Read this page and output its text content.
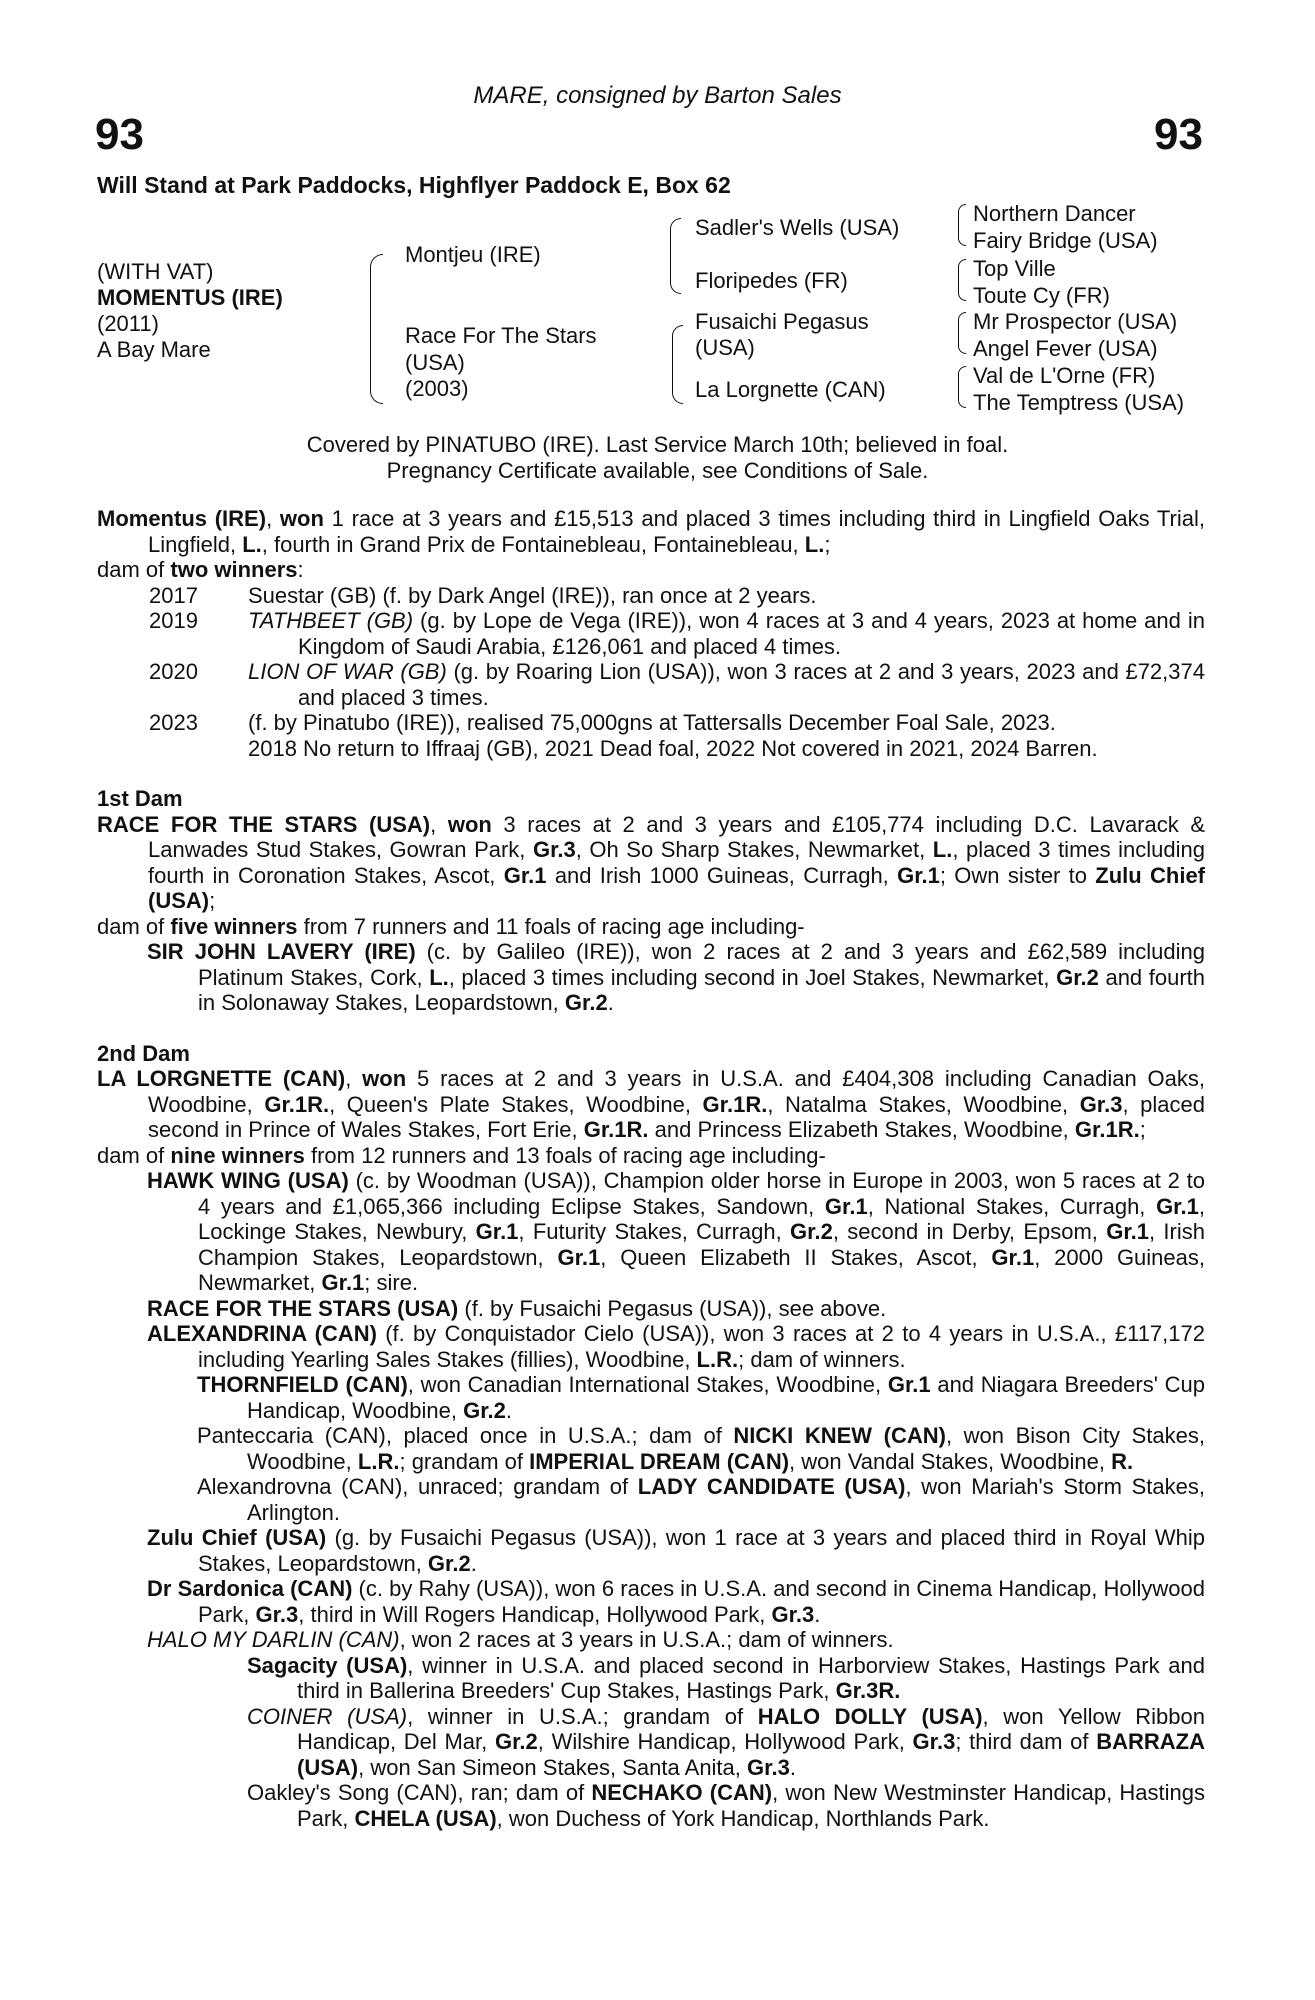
93	93
MARE, consigned by Barton Sales
Will Stand at Park Paddocks, Highflyer Paddock E, Box 62
(WITH VAT)
MOMENTUS (IRE)
(2011)
A Bay Mare
Montjeu (IRE)
Race For The Stars
(USA)
(2003)
Sadler's Wells (USA)
Floripedes (FR)
Fusaichi Pegasus
(USA)
La Lorgnette (CAN)
Northern Dancer
Fairy Bridge (USA)
Top Ville
Toute Cy (FR)
Mr Prospector (USA)
Angel Fever (USA)
Val de L'Orne (FR)
The Temptress (USA)
Covered by PINATUBO (IRE). Last Service March 10th; believed in foal.
Pregnancy Certificate available, see Conditions of Sale.

Momentus (IRE), won 1 race at 3 years and £15,513 and placed 3 times including third in Lingfield Oaks Trial, Lingfield, L., fourth in Grand Prix de Fontainebleau, Fontainebleau, L.;

dam of two winners:

2017	Suestar (GB) (f. by Dark Angel (IRE)), ran once at 2 years.
2019	TATHBEET (GB) (g. by Lope de Vega (IRE)), won 4 races at 3 and 4 years, 2023 at home and in Kingdom of Saudi Arabia, £126,061 and placed 4 times.
2020	LION OF WAR (GB) (g. by Roaring Lion (USA)), won 3 races at 2 and 3 years, 2023 and £72,374 and placed 3 times.
2023	(f. by Pinatubo (IRE)), realised 75,000gns at Tattersalls December Foal Sale, 2023.
2018 No return to Iffraaj (GB), 2021 Dead foal, 2022 Not covered in 2021, 2024 Barren.

1st Dam

RACE FOR THE STARS (USA), won 3 races at 2 and 3 years and £105,774 including D.C. Lavarack & Lanwades Stud Stakes, Gowran Park, Gr.3, Oh So Sharp Stakes, Newmarket, L., placed 3 times including fourth in Coronation Stakes, Ascot, Gr.1 and Irish 1000 Guineas, Curragh, Gr.1; Own sister to Zulu Chief (USA);

dam of five winners from 7 runners and 11 foals of racing age including-

SIR JOHN LAVERY (IRE) (c. by Galileo (IRE)), won 2 races at 2 and 3 years and £62,589 including Platinum Stakes, Cork, L., placed 3 times including second in Joel Stakes, Newmarket, Gr.2 and fourth in Solonaway Stakes, Leopardstown, Gr.2.

2nd Dam

LA LORGNETTE (CAN), won 5 races at 2 and 3 years in U.S.A. and £404,308 including Canadian Oaks, Woodbine, Gr.1R., Queen's Plate Stakes, Woodbine, Gr.1R., Natalma Stakes, Woodbine, Gr.3, placed second in Prince of Wales Stakes, Fort Erie, Gr.1R. and Princess Elizabeth Stakes, Woodbine, Gr.1R.;

dam of nine winners from 12 runners and 13 foals of racing age including-

HAWK WING (USA) (c. by Woodman (USA)), Champion older horse in Europe in 2003, won 5 races at 2 to 4 years and £1,065,366 including Eclipse Stakes, Sandown, Gr.1, National Stakes, Curragh, Gr.1, Lockinge Stakes, Newbury, Gr.1, Futurity Stakes, Curragh, Gr.2, second in Derby, Epsom, Gr.1, Irish Champion Stakes, Leopardstown, Gr.1, Queen Elizabeth II Stakes, Ascot, Gr.1, 2000 Guineas, Newmarket, Gr.1; sire.

RACE FOR THE STARS (USA) (f. by Fusaichi Pegasus (USA)), see above.

ALEXANDRINA (CAN) (f. by Conquistador Cielo (USA)), won 3 races at 2 to 4 years in U.S.A., £117,172 including Yearling Sales Stakes (fillies), Woodbine, L.R.; dam of winners.

THORNFIELD (CAN), won Canadian International Stakes, Woodbine, Gr.1 and Niagara Breeders' Cup Handicap, Woodbine, Gr.2.

Panteccaria (CAN), placed once in U.S.A.; dam of NICKI KNEW (CAN), won Bison City Stakes, Woodbine, L.R.; grandam of IMPERIAL DREAM (CAN), won Vandal Stakes, Woodbine, R.

Alexandrovna (CAN), unraced; grandam of LADY CANDIDATE (USA), won Mariah's Storm Stakes, Arlington.

Zulu Chief (USA) (g. by Fusaichi Pegasus (USA)), won 1 race at 3 years and placed third in Royal Whip Stakes, Leopardstown, Gr.2.

Dr Sardonica (CAN) (c. by Rahy (USA)), won 6 races in U.S.A. and second in Cinema Handicap, Hollywood Park, Gr.3, third in Will Rogers Handicap, Hollywood Park, Gr.3.

HALO MY DARLIN (CAN), won 2 races at 3 years in U.S.A.; dam of winners.

Sagacity (USA), winner in U.S.A. and placed second in Harborview Stakes, Hastings Park and third in Ballerina Breeders' Cup Stakes, Hastings Park, Gr.3R.

COINER (USA), winner in U.S.A.; grandam of HALO DOLLY (USA), won Yellow Ribbon Handicap, Del Mar, Gr.2, Wilshire Handicap, Hollywood Park, Gr.3; third dam of BARRAZA (USA), won San Simeon Stakes, Santa Anita, Gr.3.

Oakley's Song (CAN), ran; dam of NECHAKO (CAN), won New Westminster Handicap, Hastings Park, CHELA (USA), won Duchess of York Handicap, Northlands Park.
